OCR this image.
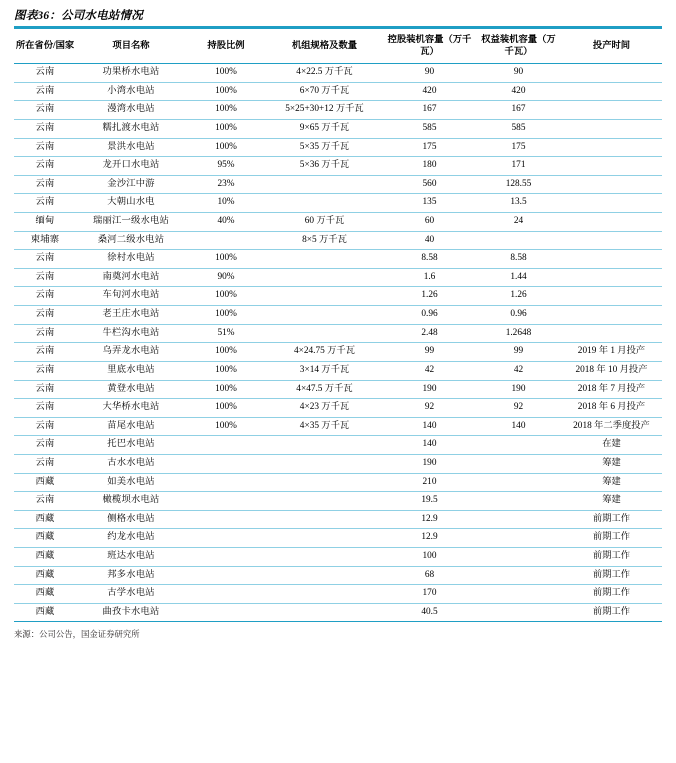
图表36：公司水电站情况
所在省份/国家	项目名称	持股比例	机组规格及数量	控股装机容量（万千瓦）	权益装机容量（万千瓦）	投产时间
云南	功果桥水电站	100%	4×22.5 万千瓦	90	90	
云南	小湾水电站	100%	6×70 万千瓦	420	420	
云南	漫湾水电站	100%	5×25+30+12 万千瓦	167	167	
云南	糯扎渡水电站	100%	9×65 万千瓦	585	585	
云南	景洪水电站	100%	5×35 万千瓦	175	175	
云南	龙开口水电站	95%	5×36 万千瓦	180	171	
云南	金沙江中游	23%		560	128.55	
云南	大朝山水电	10%		135	13.5	
缅甸	瑞丽江一级水电站	40%	60 万千瓦	60	24	
柬埔寨	桑河二级水电站		8×5 万千瓦	40		
云南	徐村水电站	100%		8.58	8.58	
云南	南奠河水电站	90%		1.6	1.44	
云南	车旬河水电站	100%		1.26	1.26	
云南	老王庄水电站	100%		0.96	0.96	
云南	牛栏沟水电站	51%		2.48	1.2648	
云南	乌弄龙水电站	100%	4×24.75 万千瓦	99	99	2019 年 1 月投产
云南	里底水电站	100%	3×14 万千瓦	42	42	2018 年 10 月投产
云南	黄登水电站	100%	4×47.5 万千瓦	190	190	2018 年 7 月投产
云南	大华桥水电站	100%	4×23 万千瓦	92	92	2018 年 6 月投产
云南	苗尾水电站	100%	4×35 万千瓦	140	140	2018 年二季度投产
云南	托巴水电站			140		在建
云南	古水水电站			190		筹建
西藏	如美水电站			210		筹建
云南	橄榄坝水电站			19.5		筹建
西藏	侧格水电站			12.9		前期工作
西藏	约龙水电站			12.9		前期工作
西藏	班达水电站			100		前期工作
西藏	邦多水电站			68		前期工作
西藏	古学水电站			170		前期工作
西藏	曲孜卡水电站			40.5		前期工作
来源：公司公告，国金证券研究所
